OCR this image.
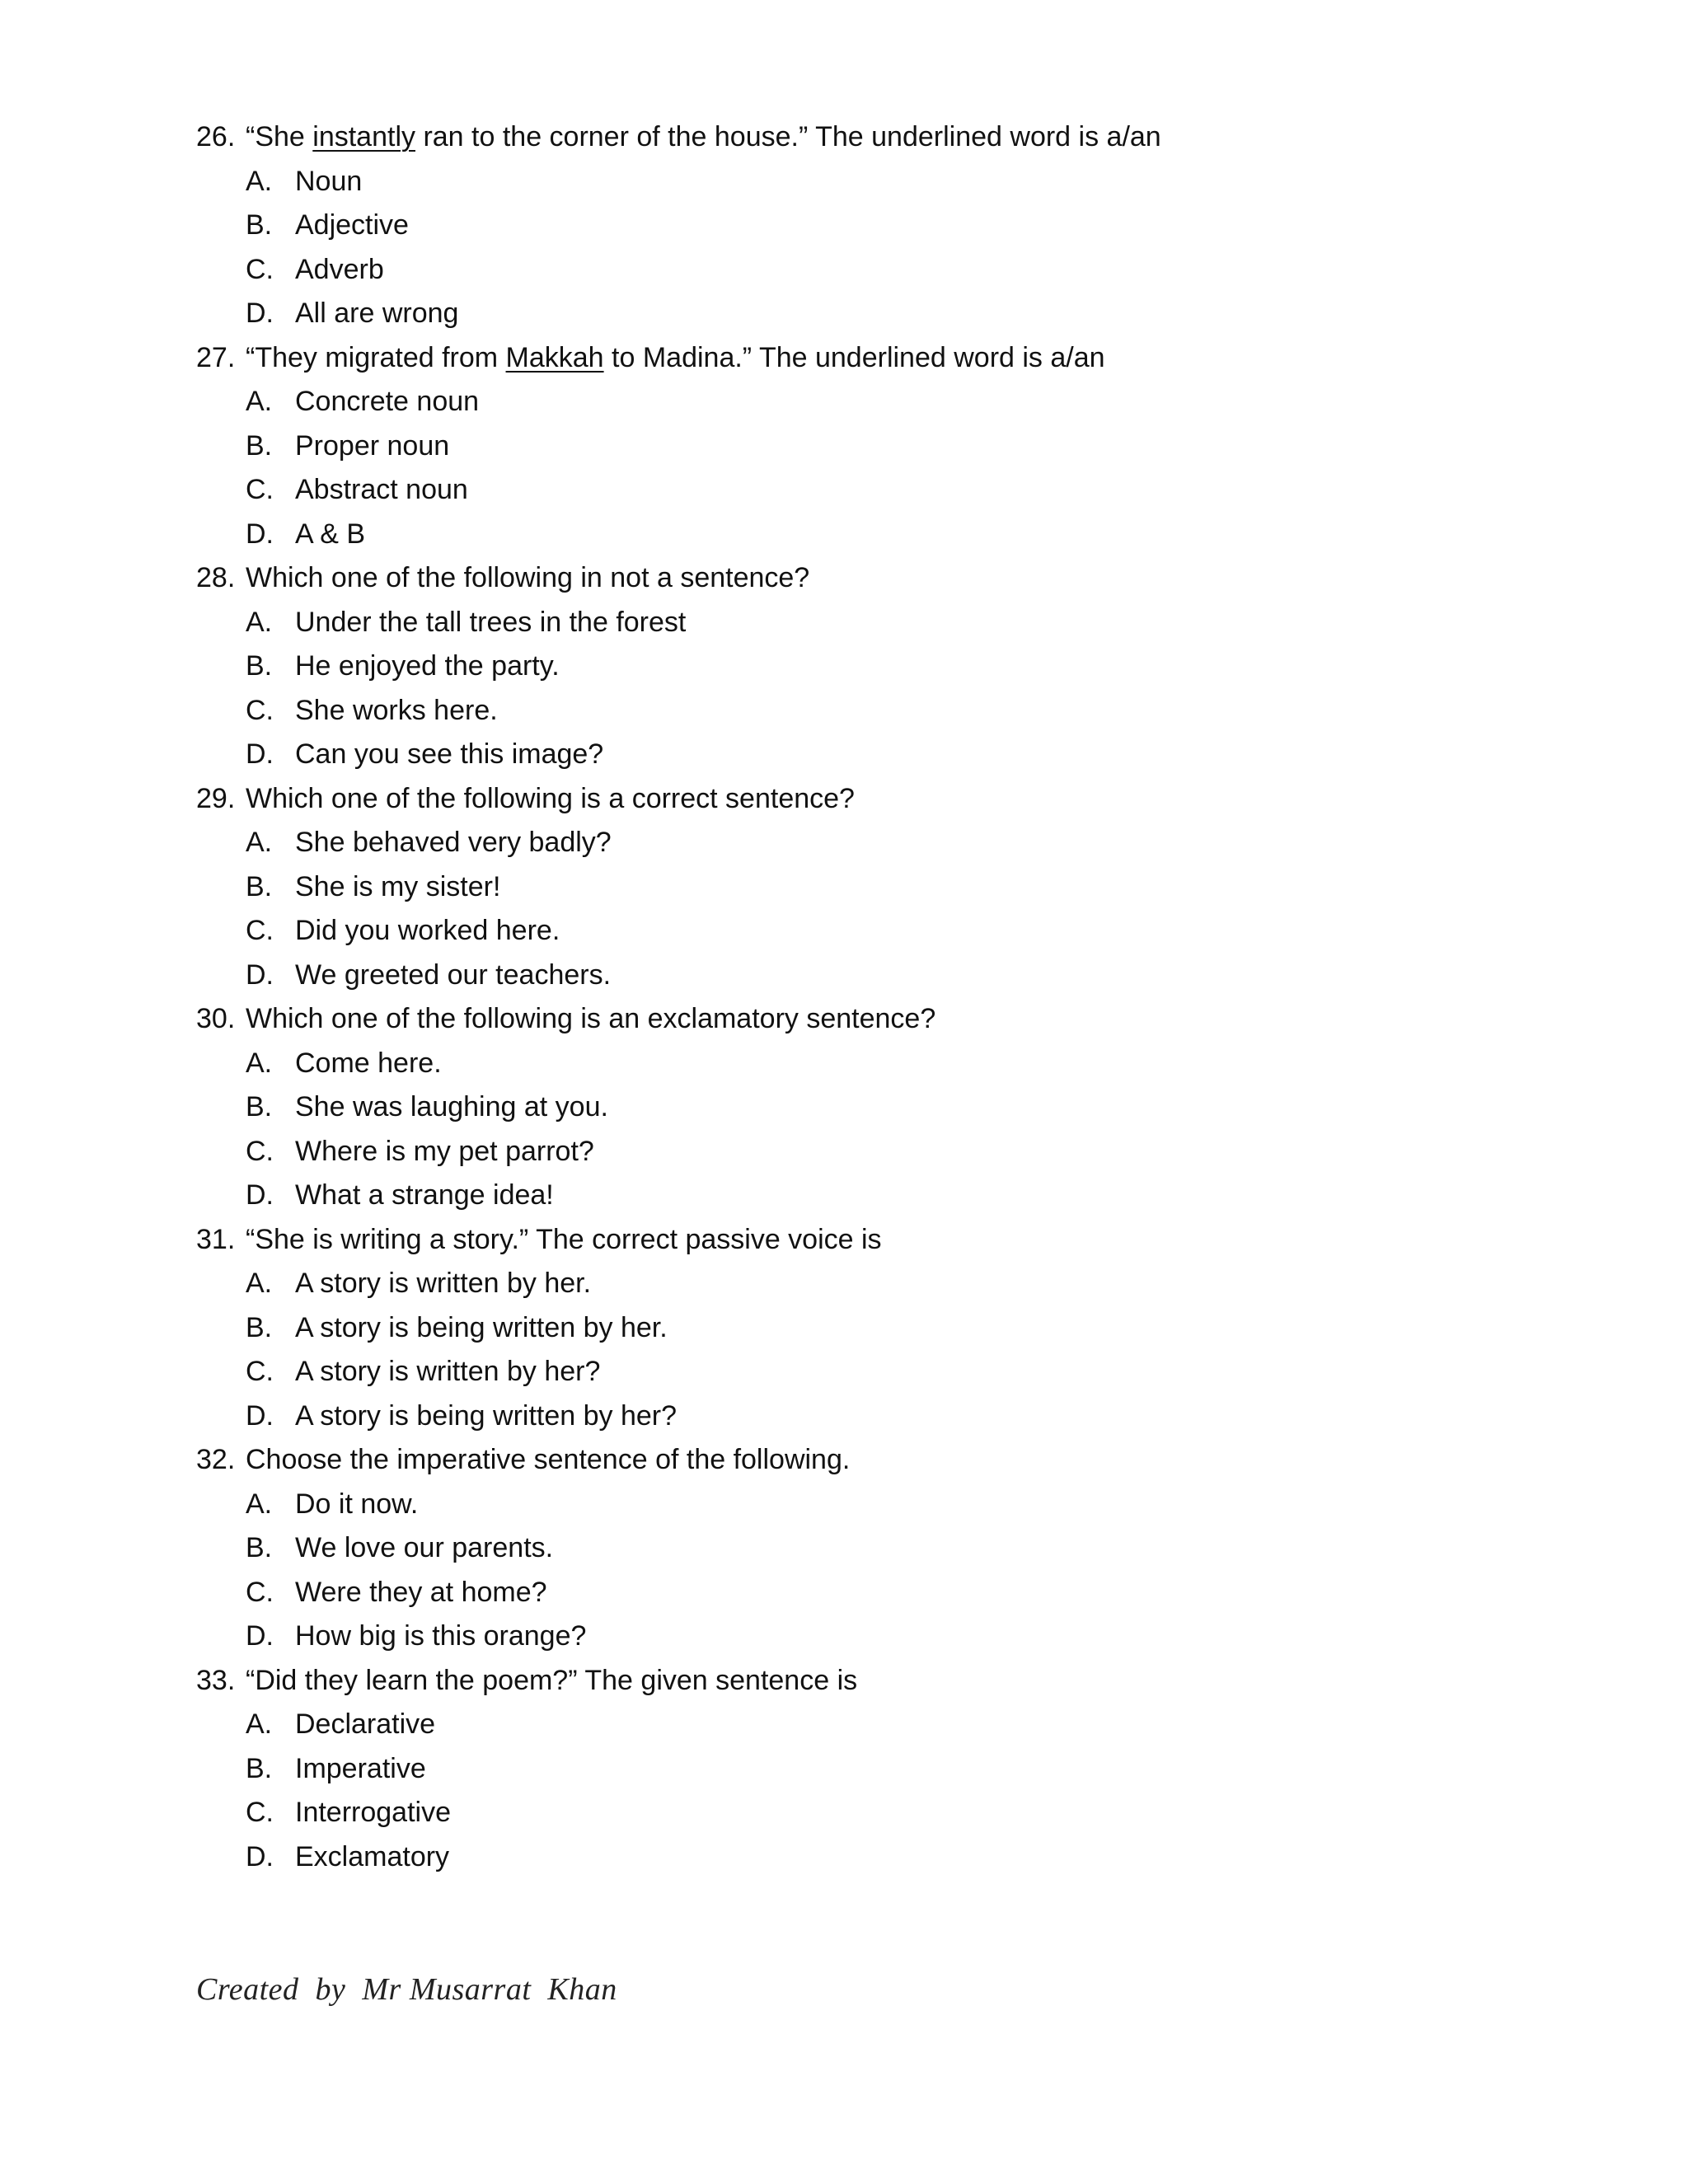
26. “She instantly ran to the corner of the house.” The underlined word is a/an
A. Noun
B. Adjective
C. Adverb
D. All are wrong
27. “They migrated from Makkah to Madina.” The underlined word is a/an
A. Concrete noun
B. Proper noun
C. Abstract noun
D. A & B
28. Which one of the following in not a sentence?
A. Under the tall trees in the forest
B. He enjoyed the party.
C. She works here.
D. Can you see this image?
29. Which one of the following is a correct sentence?
A. She behaved very badly?
B. She is my sister!
C. Did you worked here.
D. We greeted our teachers.
30. Which one of the following is an exclamatory sentence?
A. Come here.
B. She was laughing at you.
C. Where is my pet parrot?
D. What a strange idea!
31. “She is writing a story.” The correct passive voice is
A. A story is written by her.
B. A story is being written by her.
C. A story is written by her?
D. A story is being written by her?
32. Choose the imperative sentence of the following.
A. Do it now.
B. We love our parents.
C. Were they at home?
D. How big is this orange?
33. “Did they learn the poem?” The given sentence is
A. Declarative
B. Imperative
C. Interrogative
D. Exclamatory
Created  by  Mr Musarrat  Khan
